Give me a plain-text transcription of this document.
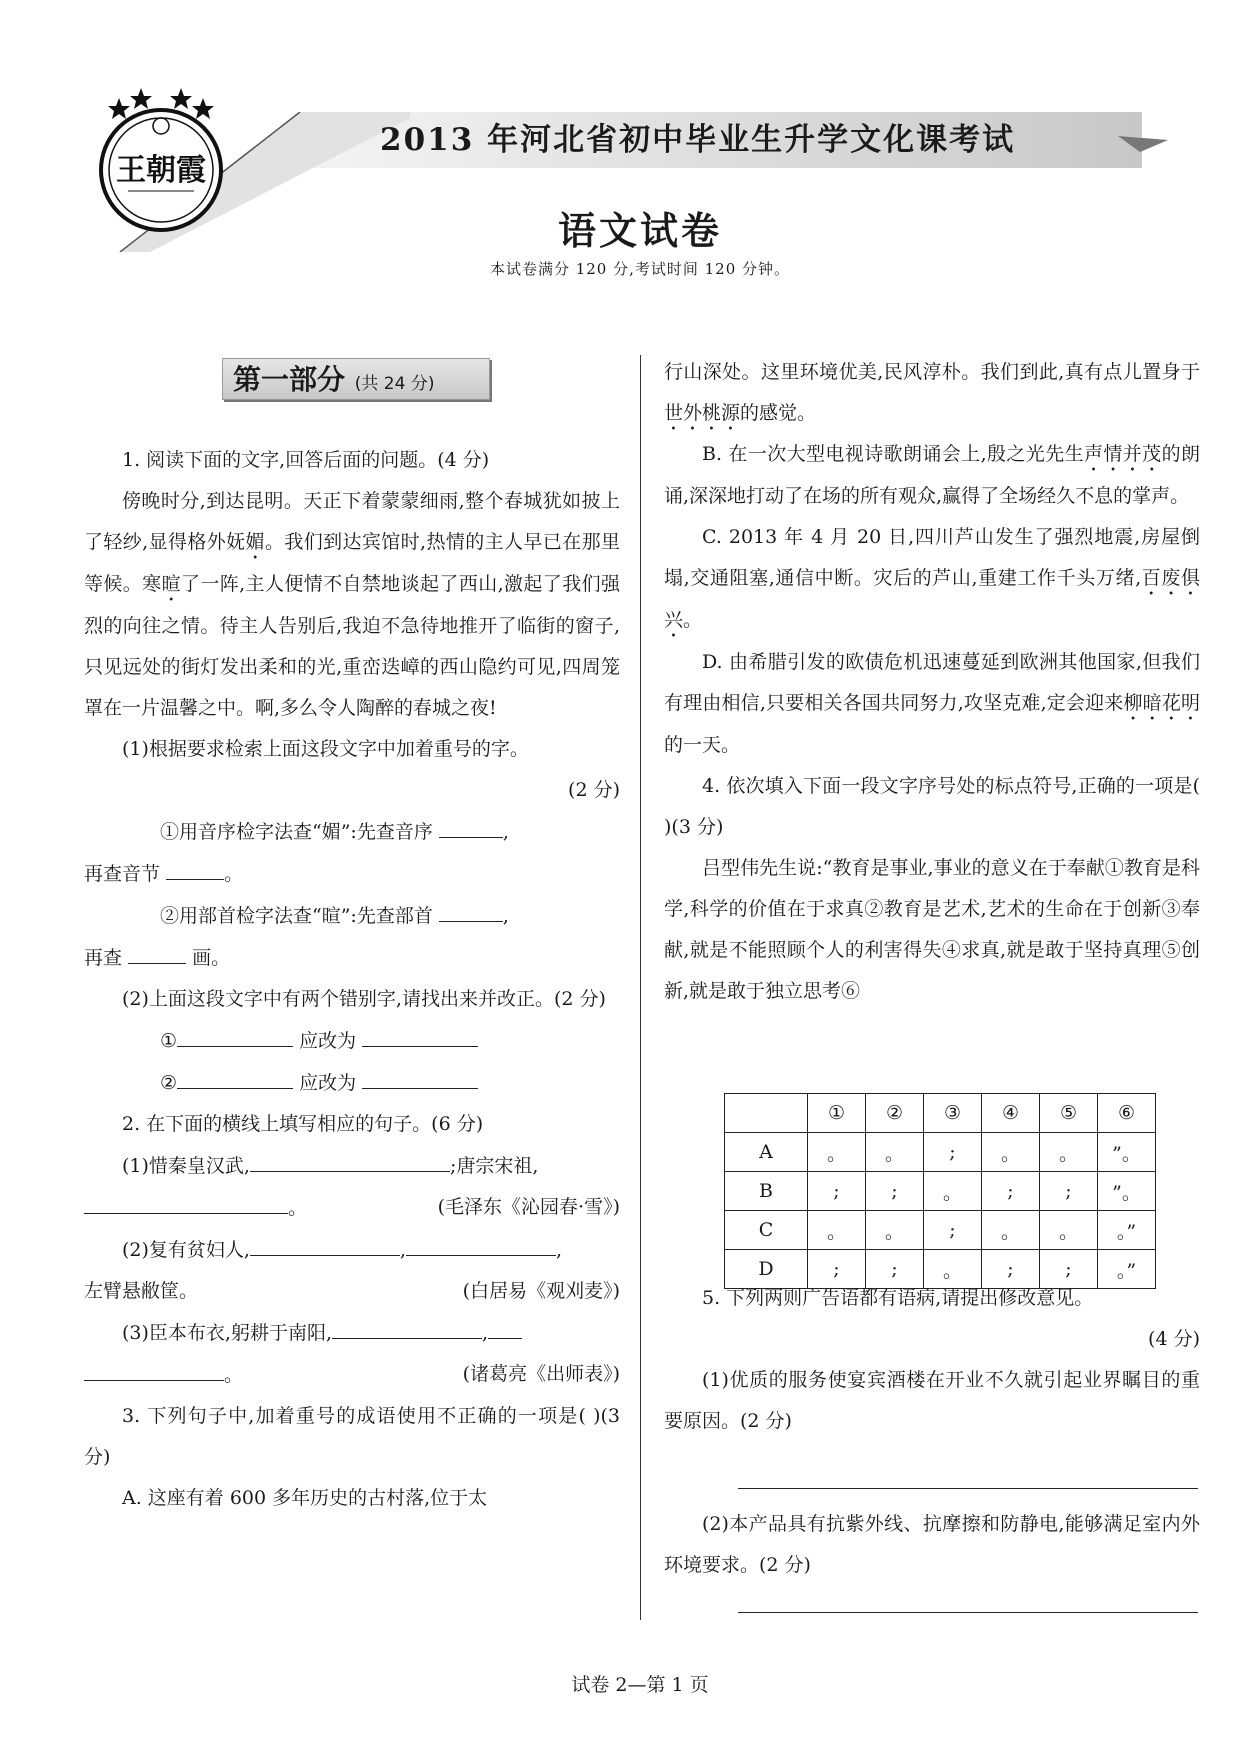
王朝霞
2013 年河北省初中毕业生升学文化课考试
语文试卷
本试卷满分 120 分,考试时间 120 分钟。
第一部分 (共 24 分)

1. 阅读下面的文字,回答后面的问题。(4 分)

傍晚时分,到达昆明。天正下着蒙蒙细雨,整个春城犹如披上了轻纱,显得格外妩媚。我们到达宾馆时,热情的主人早已在那里等候。寒暄了一阵,主人便情不自禁地谈起了西山,激起了我们强烈的向往之情。待主人告别后,我迫不急待地推开了临街的窗子,只见远处的街灯发出柔和的光,重峦迭嶂的西山隐约可见,四周笼罩在一片温馨之中。啊,多么令人陶醉的春城之夜!

(1)根据要求检索上面这段文字中加着重号的字。

(2 分)

①用音序检字法查“媚”:先查音序	,

再查音节	。

②用部首检字法查“暄”:先查部首	,

再查	画。

(2)上面这段文字中有两个错别字,请找出来并改正。(2 分)

①	应改为

②	应改为

2. 在下面的横线上填写相应的句子。(6 分)

(1)惜秦皇汉武,	;唐宗宋祖,

。	(毛泽东《沁园春·雪》)

(2)复有贫妇人,	,	,

左臂悬敝筐。	(白居易《观刈麦》)

(3)臣本布衣,躬耕于南阳,	,

。	(诸葛亮《出师表》)

3. 下列句子中,加着重号的成语使用不正确的一项是( )(3 分)

A. 这座有着 600 多年历史的古村落,位于太

行山深处。这里环境优美,民风淳朴。我们到此,真有点儿置身于世外桃源的感觉。

B. 在一次大型电视诗歌朗诵会上,殷之光先生声情并茂的朗诵,深深地打动了在场的所有观众,赢得了全场经久不息的掌声。

C. 2013 年 4 月 20 日,四川芦山发生了强烈地震,房屋倒塌,交通阻塞,通信中断。灾后的芦山,重建工作千头万绪,百废俱兴。

D. 由希腊引发的欧债危机迅速蔓延到欧洲其他国家,但我们有理由相信,只要相关各国共同努力,攻坚克难,定会迎来柳暗花明的一天。

4. 依次填入下面一段文字序号处的标点符号,正确的一项是( )(3 分)

吕型伟先生说:“教育是事业,事业的意义在于奉献①教育是科学,科学的价值在于求真②教育是艺术,艺术的生命在于创新③奉献,就是不能照顾个人的利害得失④求真,就是敢于坚持真理⑤创新,就是敢于独立思考⑥

	①	②	③	④	⑤	⑥
A	。	。	;	。	。	”。
B	;	;	。	;	;	”。
C	。	。	;	。	。	。”
D	;	;	。	;	;	。”

5. 下列两则广告语都有语病,请提出修改意见。

(4 分)

(1)优质的服务使宴宾酒楼在开业不久就引起业界瞩目的重要原因。(2 分)

(2)本产品具有抗紫外线、抗摩擦和防静电,能够满足室内外环境要求。(2 分)

试卷 2—第 1 页
